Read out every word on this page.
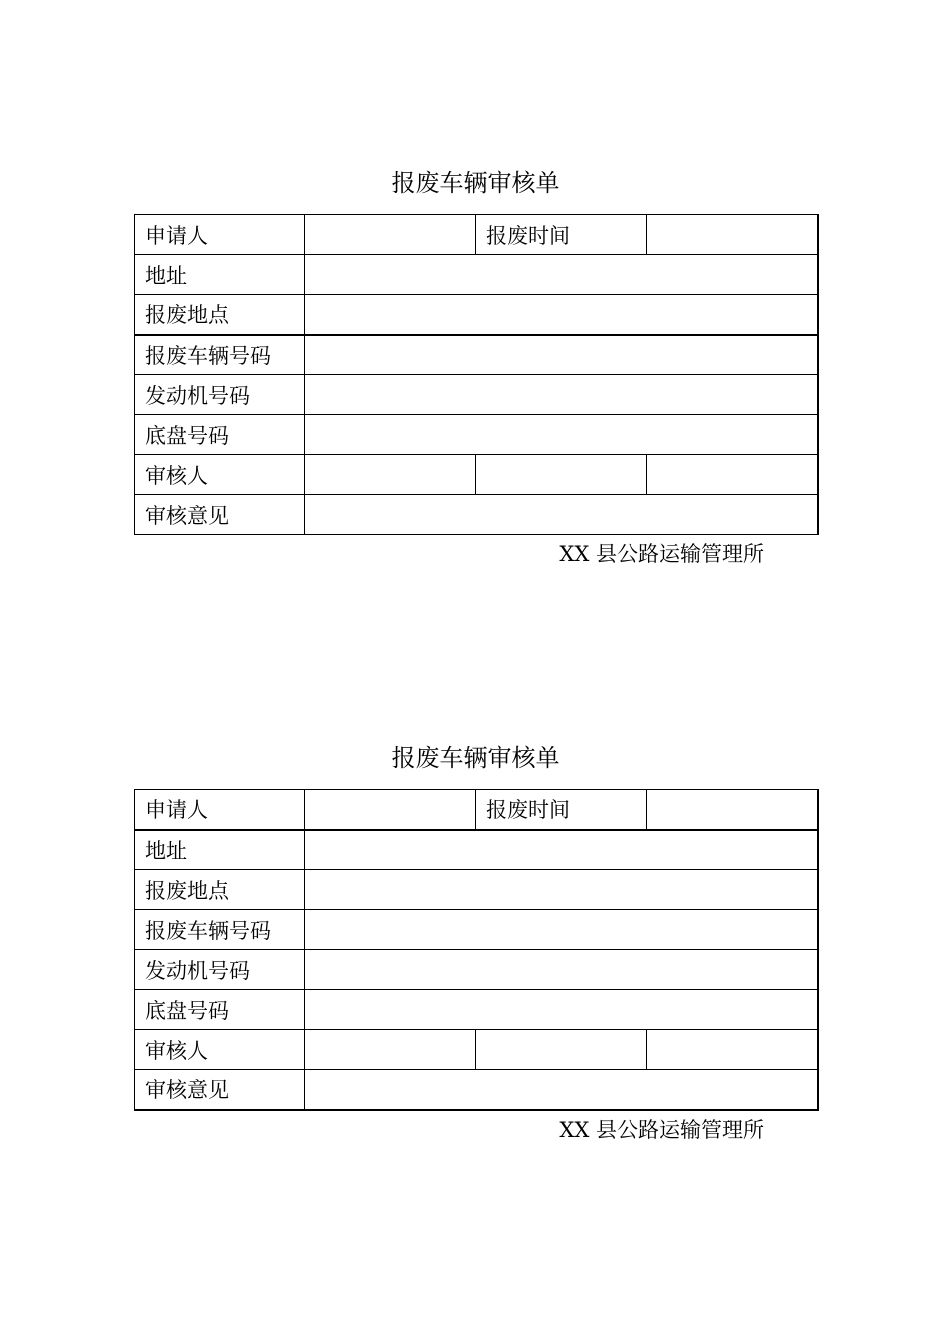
报废车辆审核单
申请人		报废时间	
地址			
报废地点			
报废车辆号码			
发动机号码			
底盘号码			
审核人			
审核意见			
XX 县公路运输管理所
报废车辆审核单
申请人		报废时间	
地址			
报废地点			
报废车辆号码			
发动机号码			
底盘号码			
审核人			
审核意见			
XX 县公路运输管理所
